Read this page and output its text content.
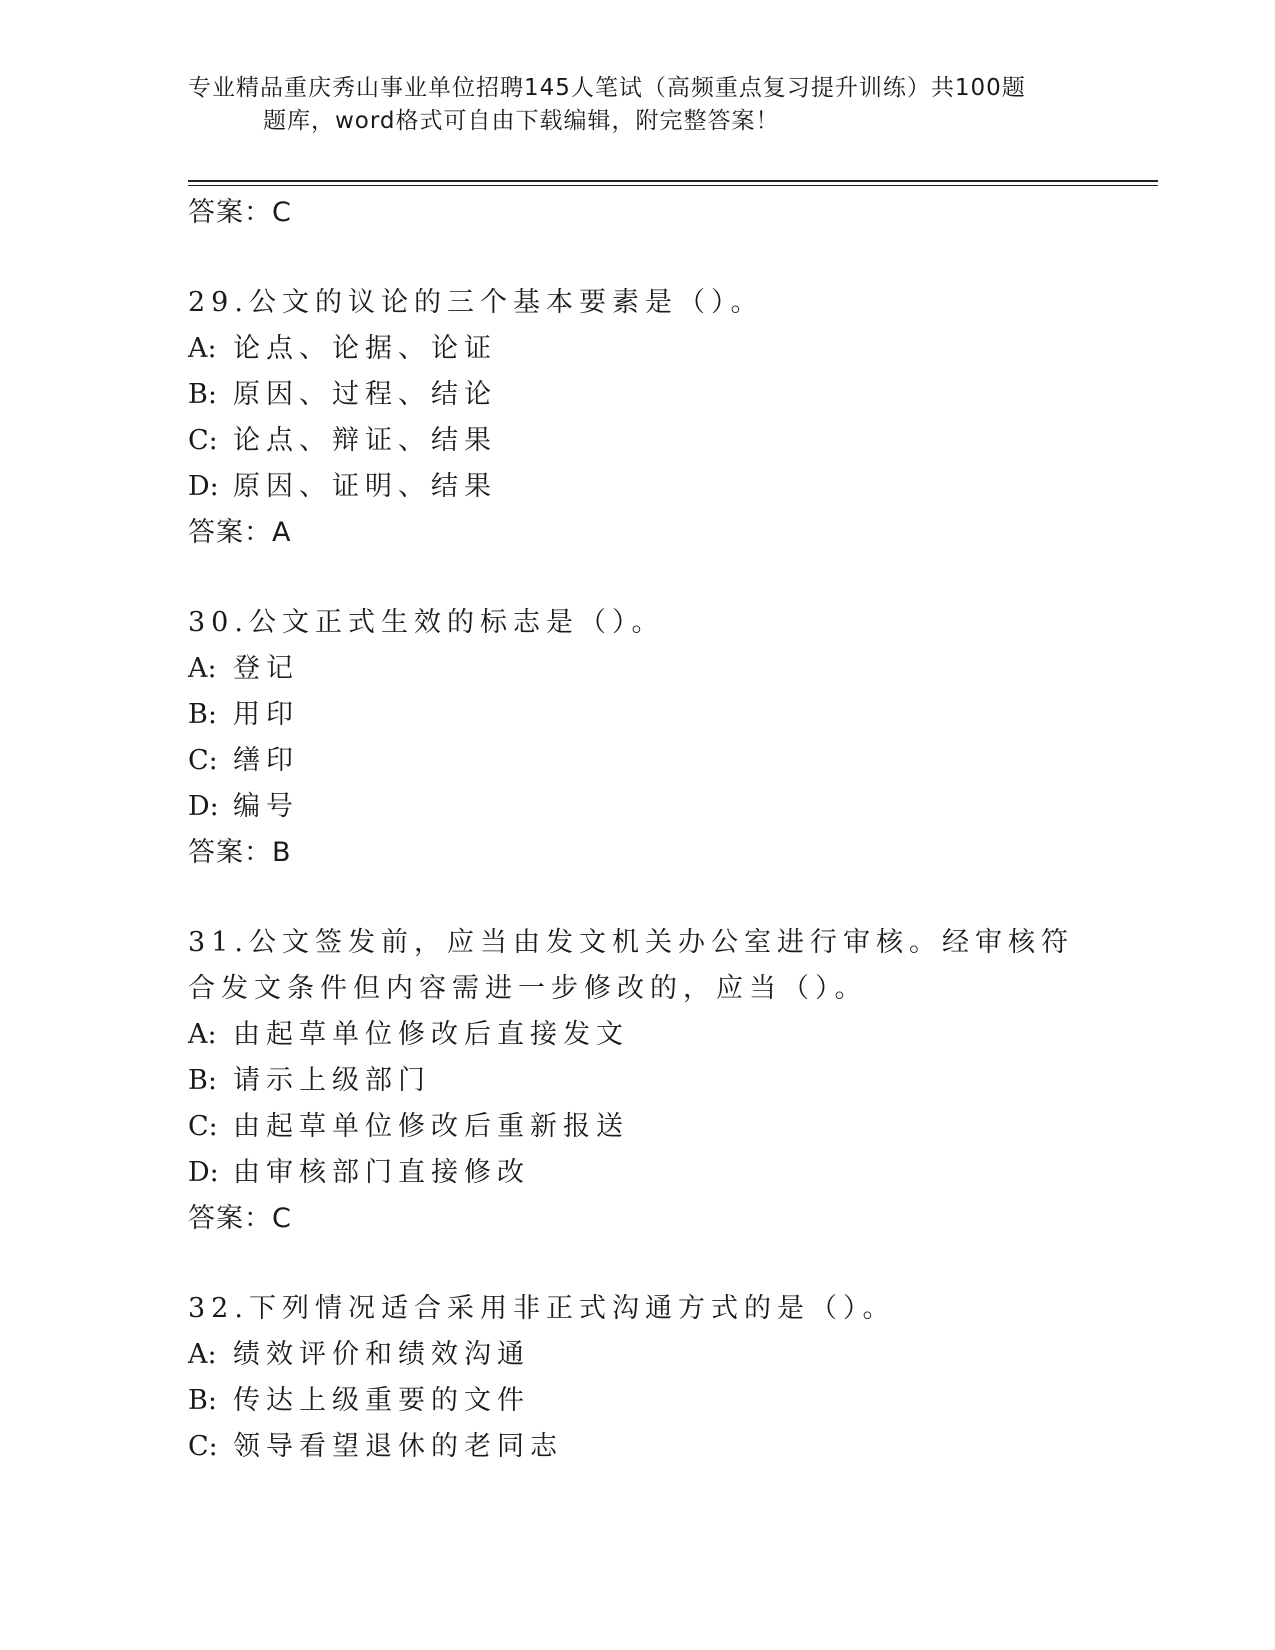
专业精品重庆秀山事业单位招聘145人笔试（高频重点复习提升训练）共100题
题库，word格式可自由下载编辑，附完整答案！
答案：C
29.公文的议论的三个基本要素是（）。
A: 论点、论据、论证
B: 原因、过程、结论
C: 论点、辩证、结果
D: 原因、证明、结果
答案：A
30.公文正式生效的标志是（）。
A: 登记
B: 用印
C: 缮印
D: 编号
答案：B
31.公文签发前，应当由发文机关办公室进行审核。经审核符合发文条件但内容需进一步修改的，应当（）。
A: 由起草单位修改后直接发文
B: 请示上级部门
C: 由起草单位修改后重新报送
D: 由审核部门直接修改
答案：C
32.下列情况适合采用非正式沟通方式的是（）。
A: 绩效评价和绩效沟通
B: 传达上级重要的文件
C: 领导看望退休的老同志
